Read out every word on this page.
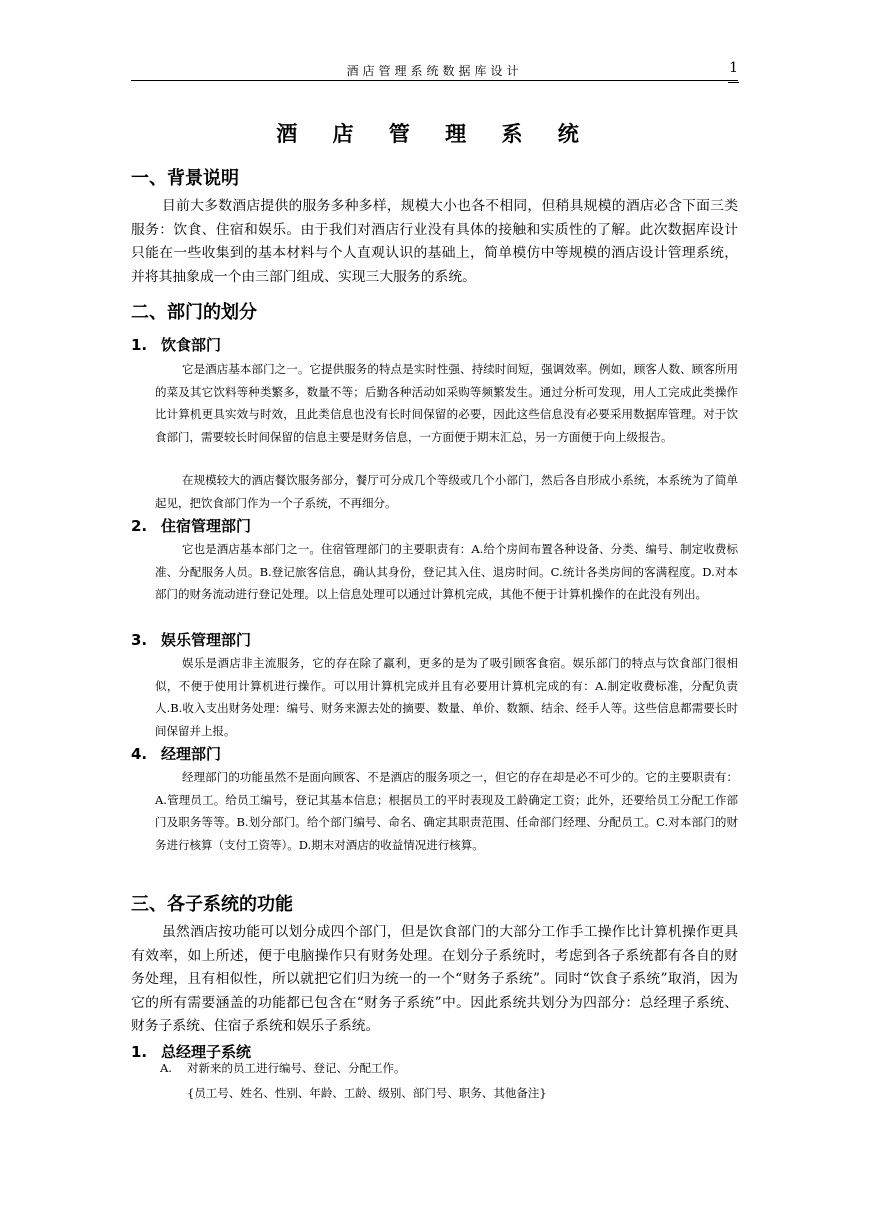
酒店管理系统数据库设计	1
酒 店 管 理 系 统
一、背景说明

目前大多数酒店提供的服务多种多样，规模大小也各不相同，但稍具规模的酒店必含下面三类服务：饮食、住宿和娱乐。由于我们对酒店行业没有具体的接触和实质性的了解。此次数据库设计只能在一些收集到的基本材料与个人直观认识的基础上，简单模仿中等规模的酒店设计管理系统，并将其抽象成一个由三部门组成、实现三大服务的系统。

二、部门的划分
1. 饮食部门

它是酒店基本部门之一。它提供服务的特点是实时性强、持续时间短，强调效率。例如，顾客人数、顾客所用的菜及其它饮料等种类繁多，数量不等；后勤各种活动如采购等频繁发生。通过分析可发现，用人工完成此类操作比计算机更具实效与时效，且此类信息也没有长时间保留的必要，因此这些信息没有必要采用数据库管理。对于饮食部门，需要较长时间保留的信息主要是财务信息，一方面便于期末汇总，另一方面便于向上级报告。

在规模较大的酒店餐饮服务部分，餐厅可分成几个等级或几个小部门，然后各自形成小系统，本系统为了简单起见，把饮食部门作为一个子系统，不再细分。

2. 住宿管理部门

它也是酒店基本部门之一。住宿管理部门的主要职责有：A.给个房间布置各种设备、分类、编号、制定收费标准、分配服务人员。B.登记旅客信息，确认其身份，登记其入住、退房时间。C.统计各类房间的客满程度。D.对本部门的财务流动进行登记处理。以上信息处理可以通过计算机完成，其他不便于计算机操作的在此没有列出。

3. 娱乐管理部门

娱乐是酒店非主流服务，它的存在除了赢利，更多的是为了吸引顾客食宿。娱乐部门的特点与饮食部门很相似，不便于使用计算机进行操作。可以用计算机完成并且有必要用计算机完成的有：A.制定收费标准，分配负责人.B.收入支出财务处理：编号、财务来源去处的摘要、数量、单价、数额、结余、经手人等。这些信息都需要长时间保留并上报。

4. 经理部门

经理部门的功能虽然不是面向顾客、不是酒店的服务项之一，但它的存在却是必不可少的。它的主要职责有：A.管理员工。给员工编号，登记其基本信息；根据员工的平时表现及工龄确定工资；此外，还要给员工分配工作部门及职务等等。B.划分部门。给个部门编号、命名、确定其职责范围、任命部门经理、分配员工。C.对本部门的财务进行核算（支付工资等）。D.期末对酒店的收益情况进行核算。

三、各子系统的功能

虽然酒店按功能可以划分成四个部门，但是饮食部门的大部分工作手工操作比计算机操作更具有效率，如上所述，便于电脑操作只有财务处理。在划分子系统时，考虑到各子系统都有各自的财务处理，且有相似性，所以就把它们归为统一的一个“财务子系统”。同时“饮食子系统”取消，因为它的所有需要涵盖的功能都已包含在“财务子系统”中。因此系统共划分为四部分：总经理子系统、财务子系统、住宿子系统和娱乐子系统。

1. 总经理子系统
A. 对新来的员工进行编号、登记、分配工作。
{员工号、姓名、性别、年龄、工龄、级别、部门号、职务、其他备注}
